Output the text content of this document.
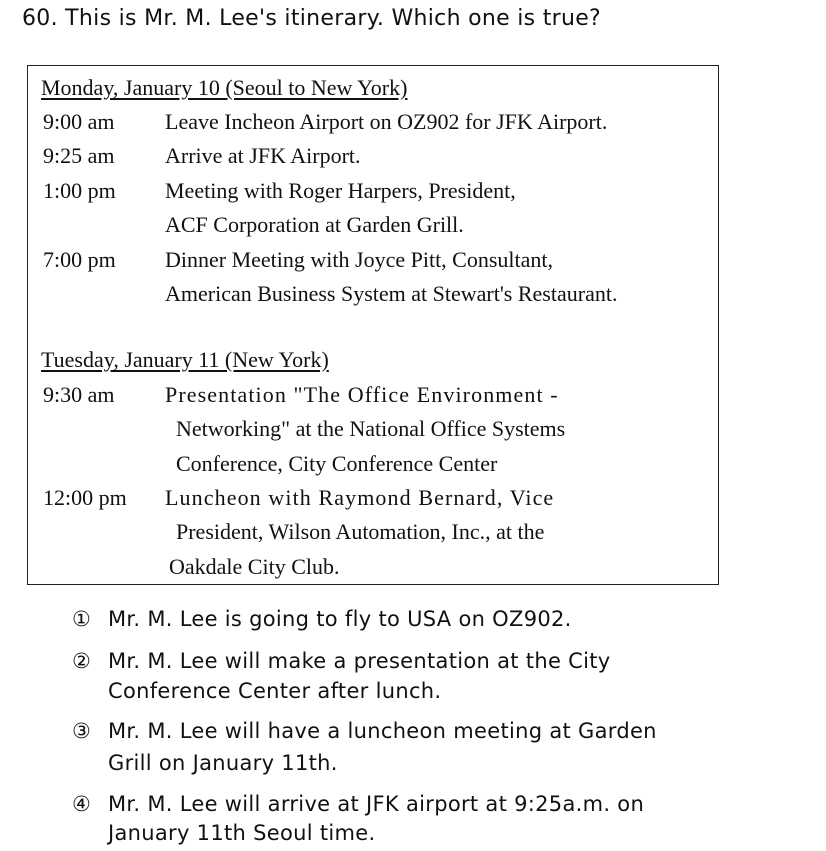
60. This is Mr. M. Lee's itinerary. Which one is true?
Monday, January 10 (Seoul to New York)
9:00 am Leave Incheon Airport on OZ902 for JFK Airport.
9:25 am Arrive at JFK Airport.
1:00 pm Meeting with Roger Harpers, President,
ACF Corporation at Garden Grill.
7:00 pm Dinner Meeting with Joyce Pitt, Consultant,
American Business System at Stewart's Restaurant.
Tuesday, January 11 (New York)
9:30 am Presentation "The Office Environment -
Networking" at the National Office Systems
Conference, City Conference Center
12:00 pm Luncheon with Raymond Bernard, Vice
President, Wilson Automation, Inc., at the
Oakdale City Club.
① Mr. M. Lee is going to fly to USA on OZ902.
② Mr. M. Lee will make a presentation at the City
Conference Center after lunch.
③ Mr. M. Lee will have a luncheon meeting at Garden
Grill on January 11th.
④ Mr. M. Lee will arrive at JFK airport at 9:25a.m. on
January 11th Seoul time.
